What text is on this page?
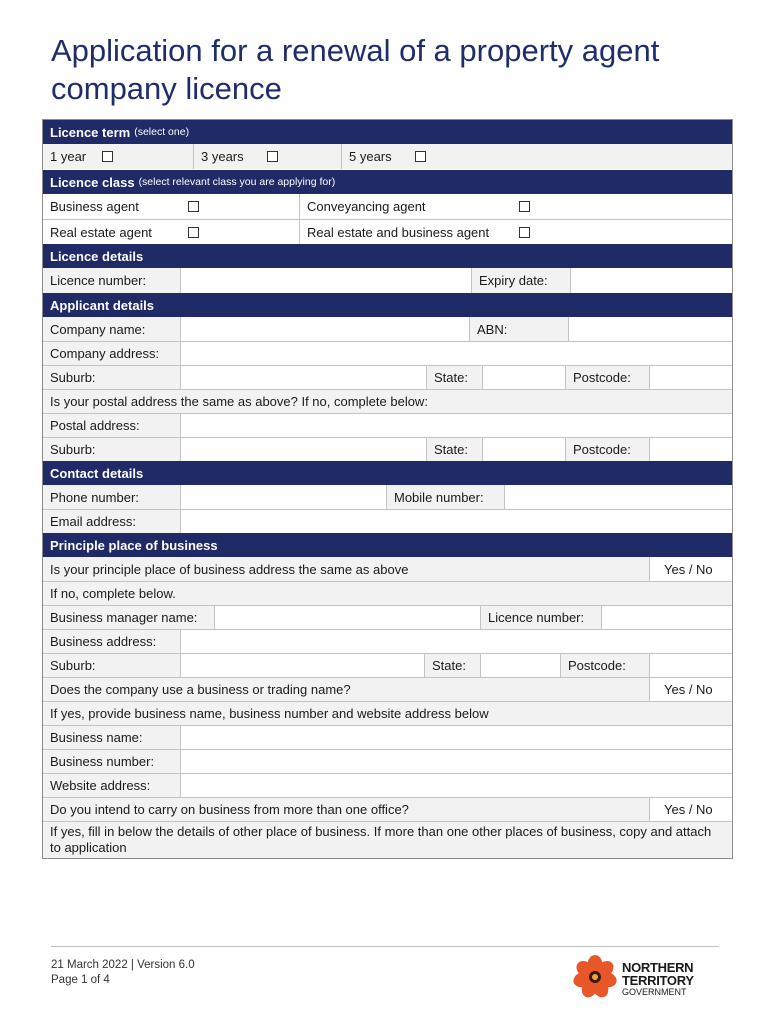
Application for a renewal of a property agent company licence
Licence term (select one)
1 year	3 years	5 years
Licence class (select relevant class you are applying for)
Business agent	Conveyancing agent
Real estate agent	Real estate and business agent
Licence details
Licence number:	Expiry date:
Applicant details
Company name:	ABN:
Company address:
Suburb:	State:	Postcode:
Is your postal address the same as above? If no, complete below:
Postal address:
Suburb:	State:	Postcode:
Contact details
Phone number:	Mobile number:
Email address:
Principle place of business
Is your principle place of business address the same as above	Yes / No
If no, complete below.
Business manager name:	Licence number:
Business address:
Suburb:	State:	Postcode:
Does the company use a business or trading name?	Yes / No
If yes, provide business name, business number and website address below
Business name:
Business number:
Website address:
Do you intend to carry on business from more than one office?	Yes / No
If yes, fill in below the details of other place of business. If more than one other places of business, copy and attach to application
21 March 2022 | Version 6.0
Page 1 of 4
NORTHERN
TERRITORY
GOVERNMENT
